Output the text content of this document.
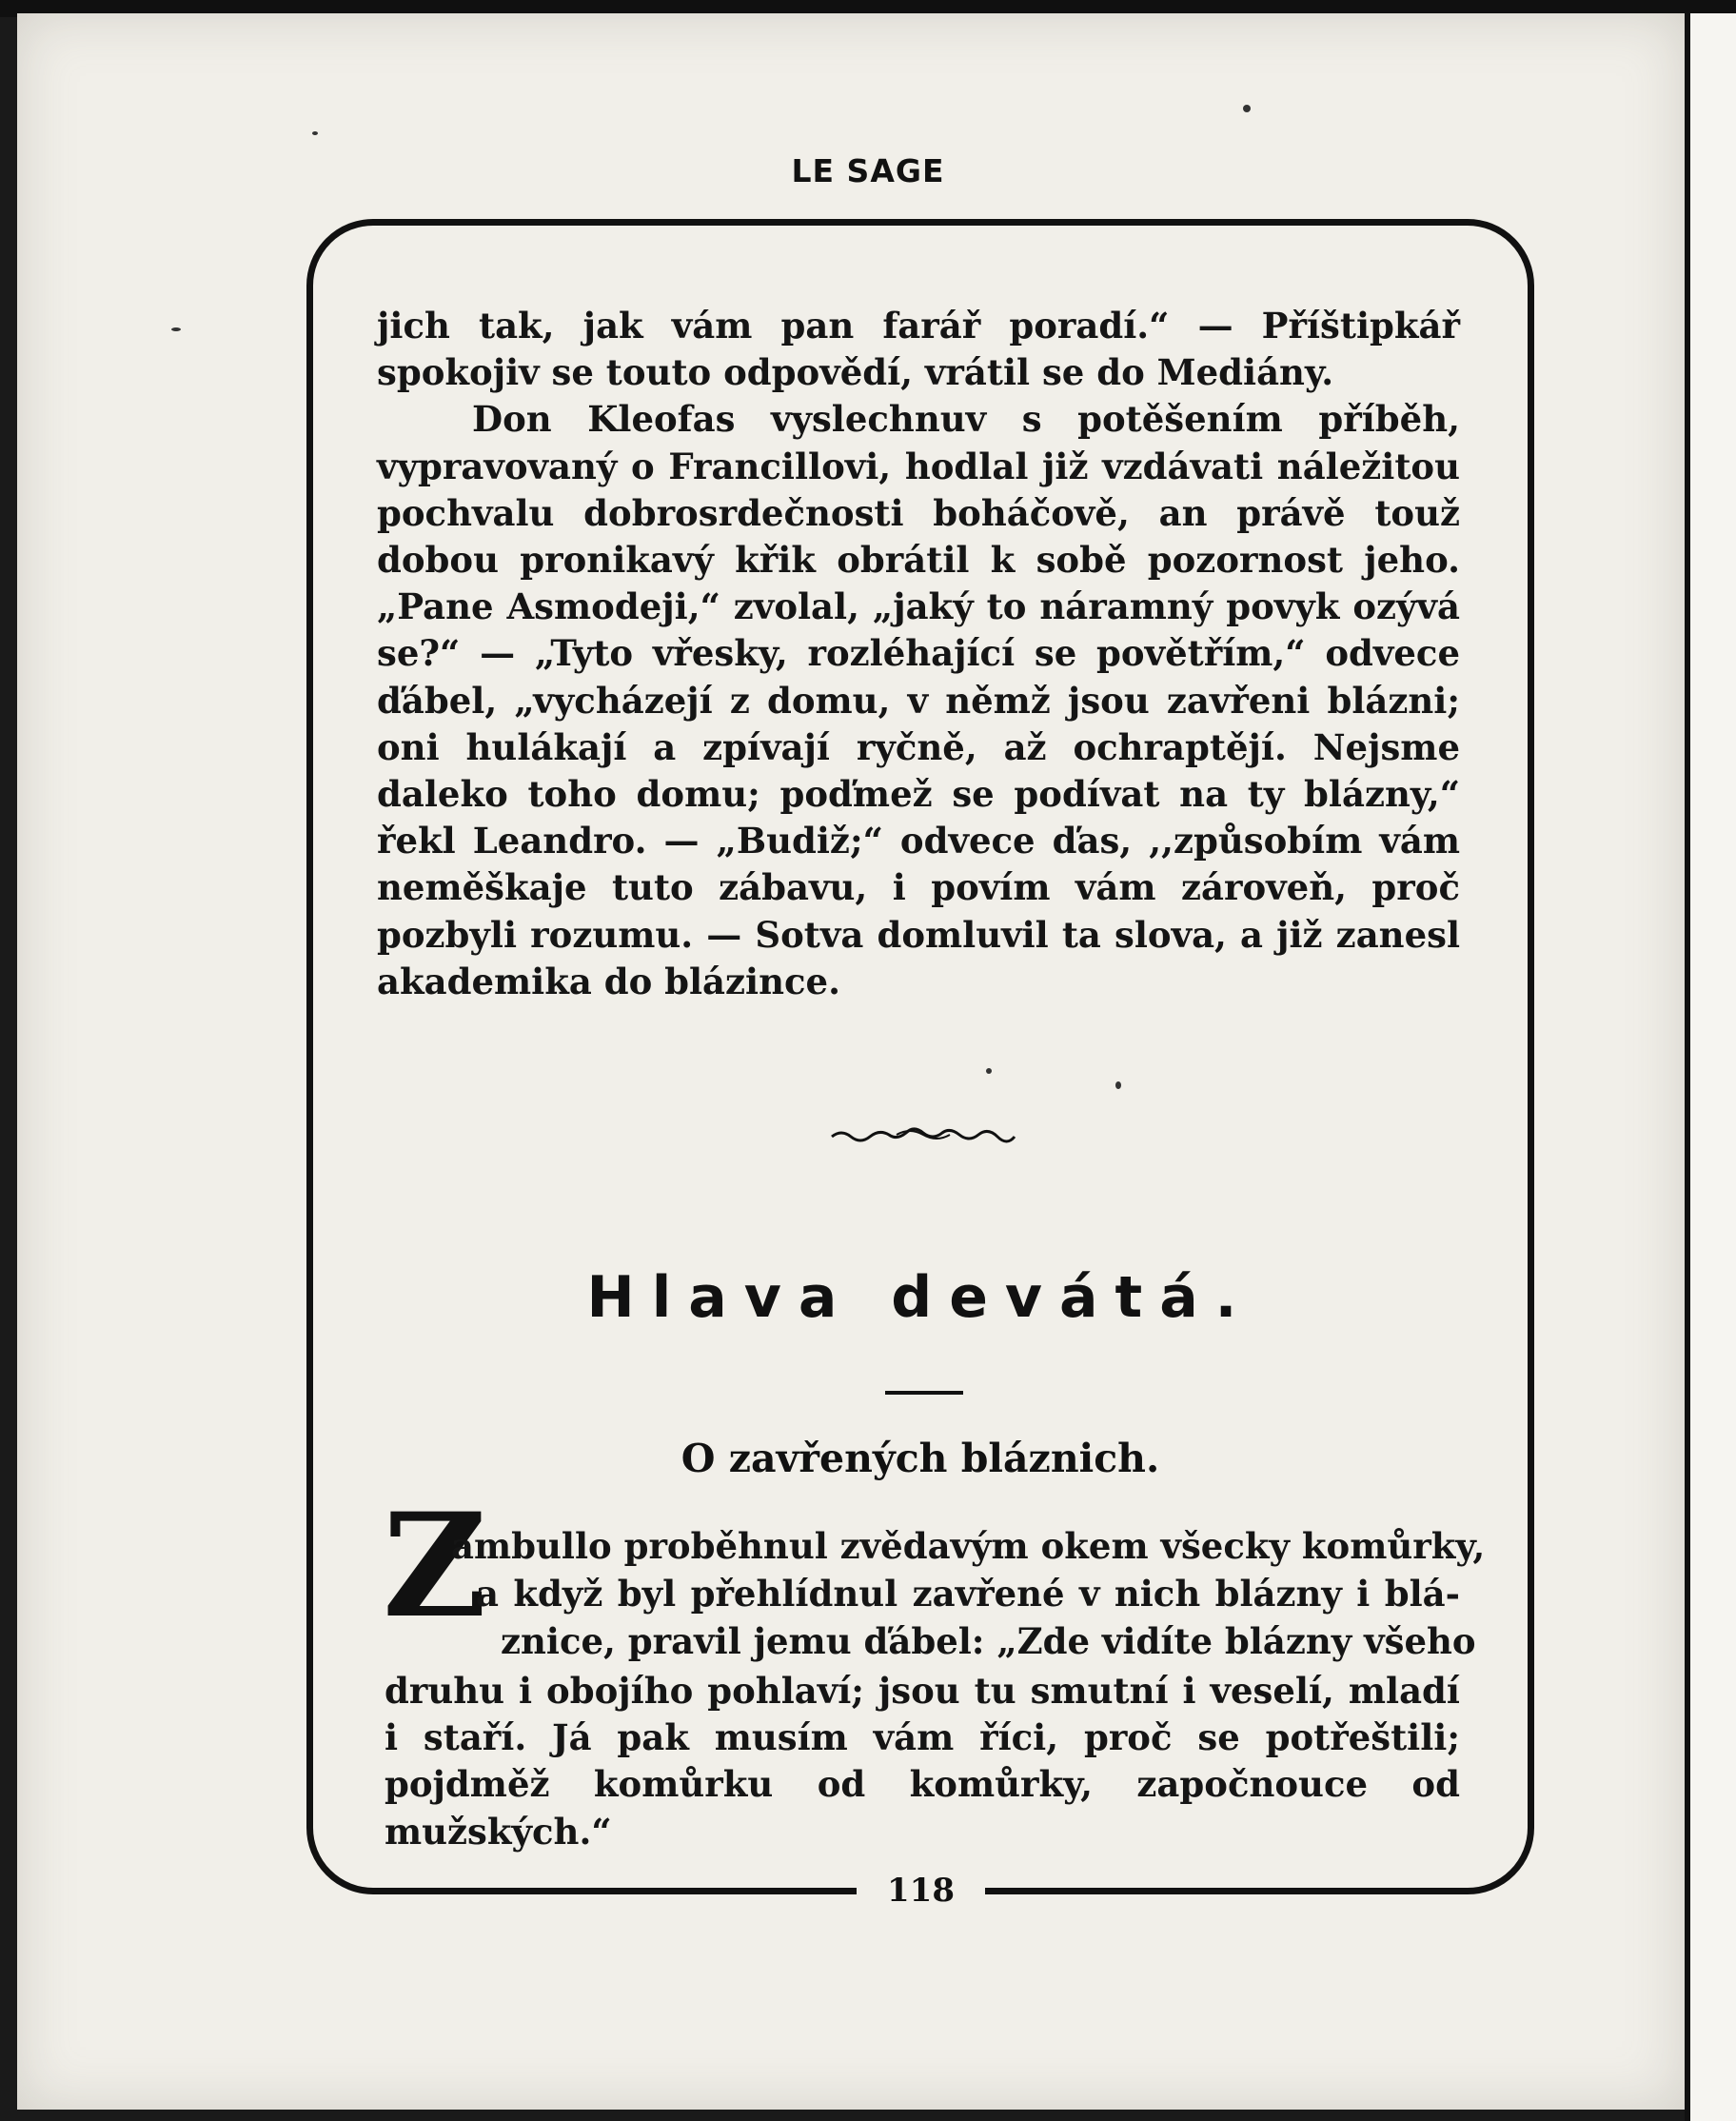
LE SAGE
118

jich tak, jak vám pan farář poradí.“ — Příštipkář spokojiv se touto odpovědí, vrátil se do Mediány.

Don Kleofas vyslechnuv s potěšením příběh, vypravovaný o Francillovi, hodlal již vzdávati náležitou pochvalu dobrosrdečnosti boháčově, an právě touž dobou pronikavý křik obrátil k sobě pozornost jeho. „Pane Asmodeji,“ zvolal, „jaký to náramný povyk ozývá se?“ — „Tyto vřesky, rozléhající se povětřím,“ odvece ďábel, „vycházejí z domu, v němž jsou zavřeni blázni; oni hulákají a zpívají ryčně, až ochraptějí. Nejsme daleko toho domu; poďmež se podívat na ty blázny,“ řekl Leandro. — „Budiž;“ odvece ďas, ,,způsobím vám neměškaje tuto zábavu, i povím vám zároveň, proč pozbyli rozumu. — Sotva domluvil ta slova, a již zanesl akademika do blázince.

Hlava devátá.
O zavřených bláznich.
Z
ambullo proběhnul zvědavým okem všecky komůrky,
a když byl přehlídnul zavřené v nich blázny i blá-
znice, pravil jemu ďábel: „Zde vidíte blázny všeho
druhu i obojího pohlaví; jsou tu smutní i veselí, mladí i staří. Já pak musím vám říci, proč se potřeštili; pojdměž komůrku od komůrky, započnouce od mužských.“
